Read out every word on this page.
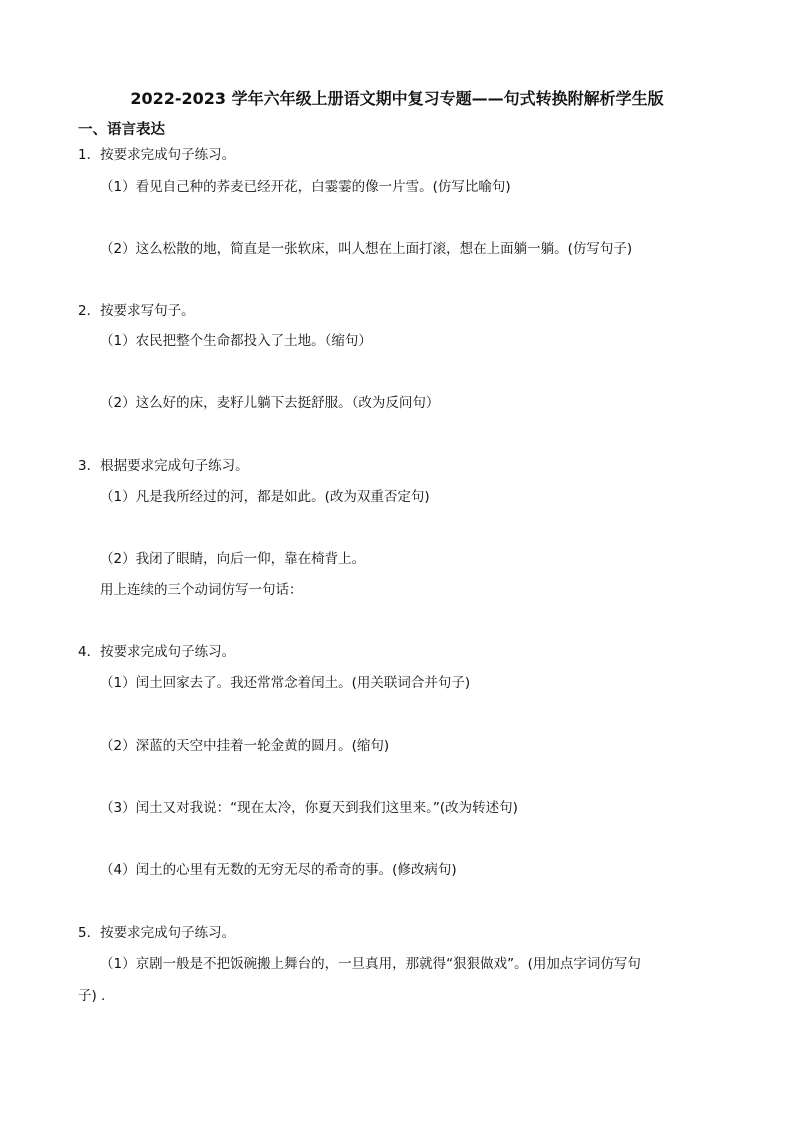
2022-2023 学年六年级上册语文期中复习专题——句式转换附解析学生版
一、语言表达
1．按要求完成句子练习。
（1）看见自己种的荞麦已经开花，白霎霎的像一片雪。(仿写比喻句)
（2）这么松散的地，简直是一张软床，叫人想在上面打滚，想在上面躺一躺。(仿写句子)
2．按要求写句子。
（1）农民把整个生命都投入了土地。（缩句）
（2）这么好的床，麦籽儿躺下去挺舒服。（改为反问句）
3．根据要求完成句子练习。
（1）凡是我所经过的河，都是如此。(改为双重否定句)
（2）我闭了眼睛，向后一仰，靠在椅背上。
用上连续的三个动词仿写一句话：
4．按要求完成句子练习。
（1）闰土回家去了。我还常常念着闰土。(用关联词合并句子)
（2）深蓝的天空中挂着一轮金黄的圆月。(缩句)
（3）闰土又对我说：“现在太冷，你夏天到我们这里来。”(改为转述句)
（4）闰土的心里有无数的无穷无尽的希奇的事。(修改病句)
5．按要求完成句子练习。
（1）京剧一般是不把饭碗搬上舞台的，一旦真用，那就得“狠狠做戏”。(用加点字词仿写句
子) .
